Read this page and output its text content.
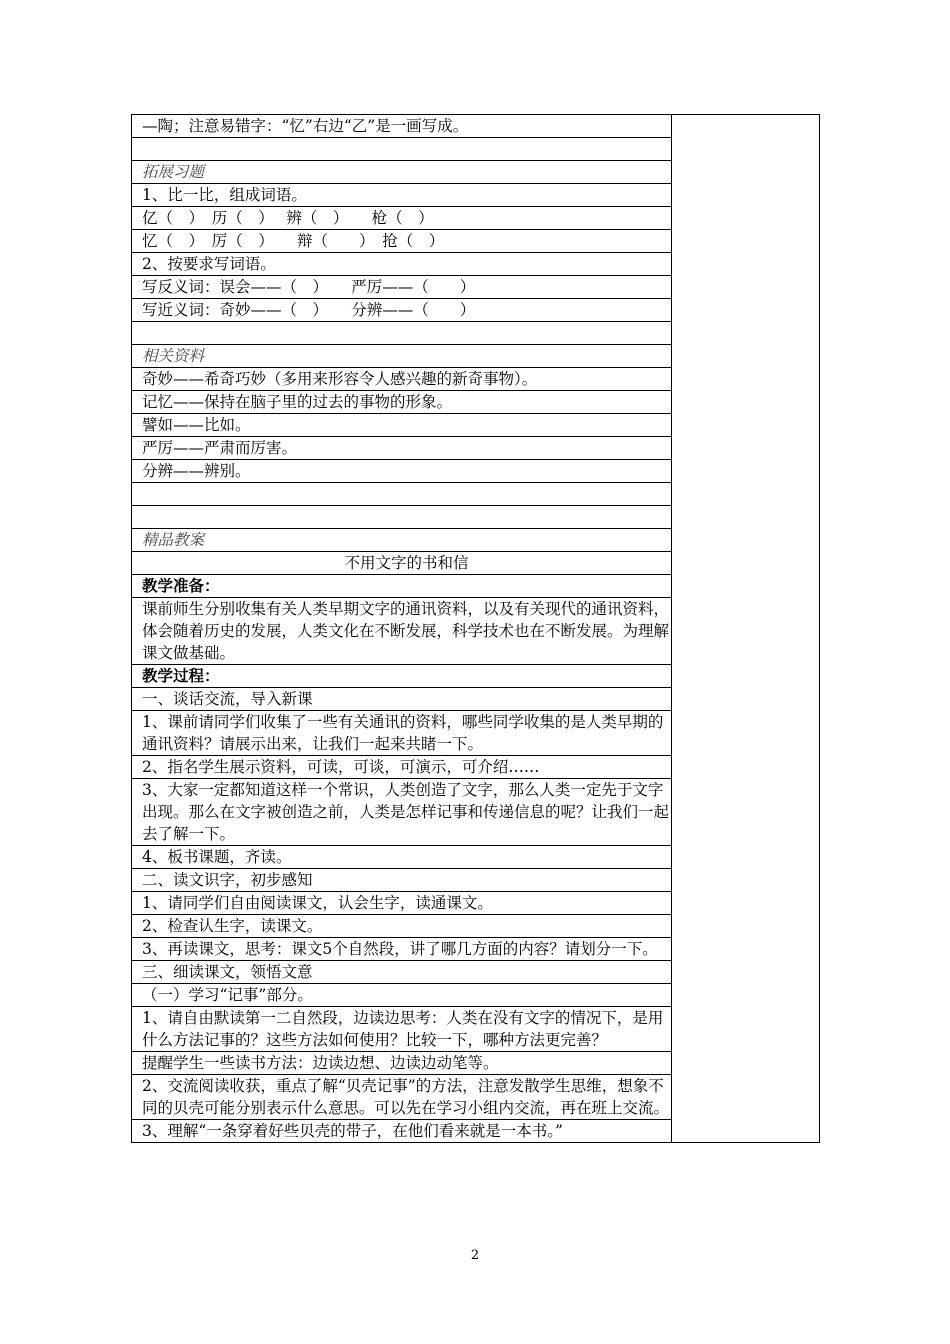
—陶；注意易错字：“忆”右边“乙”是一画写成。	

拓展习题
1、比一比，组成词语。
亿（　）　历（　）　 辨（　）　　枪（　）
忆（　）　厉（　）　　辩（　　）　抢（　）
2、按要求写词语。
写反义词：误会——（　）　　严厉——（　　）
写近义词：奇妙——（　）　　分辨——（　　）

相关资料
奇妙——希奇巧妙（多用来形容令人感兴趣的新奇事物）。
记忆——保持在脑子里的过去的事物的形象。
譬如——比如。
严厉——严肃而厉害。
分辨——辨别。

精品教案
不用文字的书和信
教学准备：
课前师生分别收集有关人类早期文字的通讯资料，以及有关现代的通讯资料，体会随着历史的发展，人类文化在不断发展，科学技术也在不断发展。为理解课文做基础。
教学过程：
一、谈话交流，导入新课
1、课前请同学们收集了一些有关通讯的资料，哪些同学收集的是人类早期的通讯资料？请展示出来，让我们一起来共睹一下。
2、指名学生展示资料，可读，可谈，可演示，可介绍……
3、大家一定都知道这样一个常识，人类创造了文字，那么人类一定先于文字出现。那么在文字被创造之前，人类是怎样记事和传递信息的呢？让我们一起去了解一下。
4、板书课题，齐读。
二、读文识字，初步感知
1、请同学们自由阅读课文，认会生字，读通课文。
2、检查认生字，读课文。
3、再读课文，思考：课文5个自然段，讲了哪几方面的内容？请划分一下。
三、细读课文，领悟文意
（一）学习“记事”部分。
1、请自由默读第一二自然段，边读边思考：人类在没有文字的情况下，是用什么方法记事的？这些方法如何使用？比较一下，哪种方法更完善？
提醒学生一些读书方法：边读边想、边读边动笔等。
2、交流阅读收获，重点了解“贝壳记事”的方法，注意发散学生思维，想象不同的贝壳可能分别表示什么意思。可以先在学习小组内交流，再在班上交流。
3、理解“一条穿着好些贝壳的带子，在他们看来就是一本书。”
2
